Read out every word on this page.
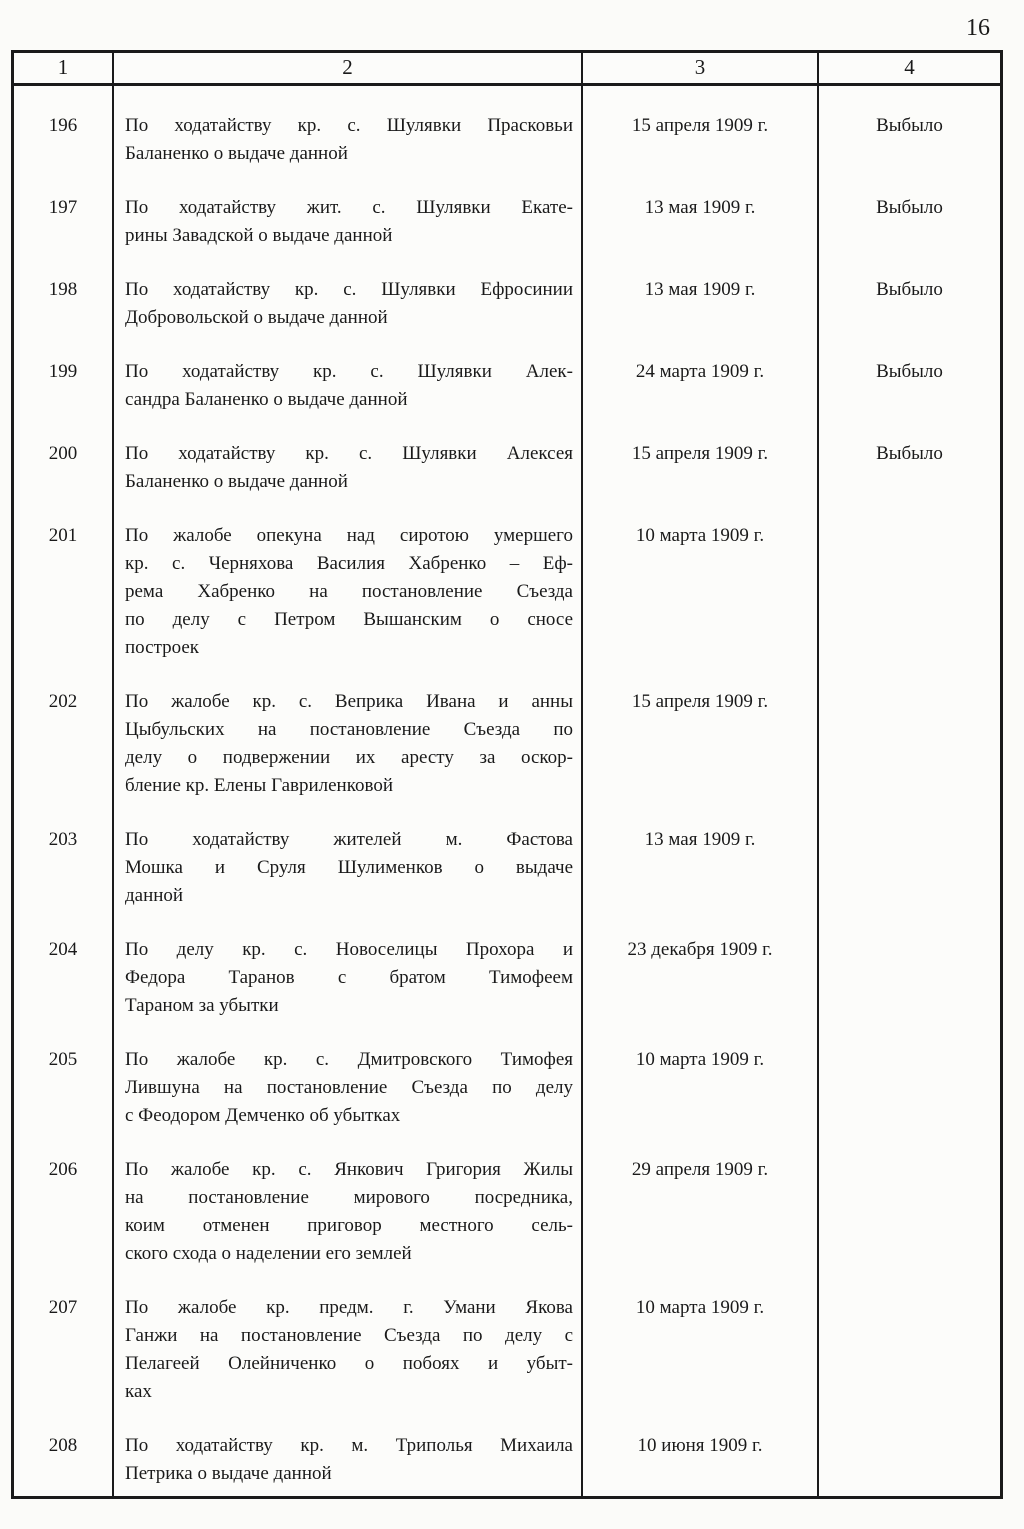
16
1	2	3	4
196	По ходатайству кр. с. Шулявки Прасковьи
Баланенко о выдаче данной
15 апреля 1909 г.	Выбыло
197	По ходатайству жит. с. Шулявки Екате-
рины Завадской о выдаче данной
13 мая 1909 г.	Выбыло
198	По ходатайству кр. с. Шулявки Ефросинии
Добровольской о выдаче данной
13 мая 1909 г.	Выбыло
199	По ходатайству кр. с. Шулявки Алек-
сандра Баланенко о выдаче данной
24 марта 1909 г.	Выбыло
200	По ходатайству кр. с. Шулявки Алексея
Баланенко о выдаче данной
15 апреля 1909 г.	Выбыло
201	По жалобе опекуна над сиротою умершего
кр. с. Черняхова Василия Хабренко – Еф-
рема Хабренко на постановление Съезда
по делу с Петром Вышанским о сносе
построек
10 марта 1909 г.
202	По жалобе кр. с. Веприка Ивана и анны
Цыбульских на постановление Съезда по
делу о подвержении их аресту за оскор-
бление кр. Елены Гавриленковой
15 апреля 1909 г.
203	По ходатайству жителей м. Фастова
Мошка и Сруля Шулименков о выдаче
данной
13 мая 1909 г.
204	По делу кр. с. Новоселицы Прохора и
Федора Таранов с братом Тимофеем
Тараном за убытки
23 декабря 1909 г.
205	По жалобе кр. с. Дмитровского Тимофея
Лившуна на постановление Съезда по делу
с Феодором Демченко об убытках
10 марта 1909 г.
206	По жалобе кр. с. Янкович Григория Жилы
на постановление мирового посредника,
коим отменен приговор местного сель-
ского схода о наделении его землей
29 апреля 1909 г.
207	По жалобе кр. предм. г. Умани Якова
Ганжи на постановление Съезда по делу с
Пелагеей Олейниченко о побоях и убыт-
ках
10 марта 1909 г.
208	По ходатайству кр. м. Триполья Михаила
Петрика о выдаче данной
10 июня 1909 г.
